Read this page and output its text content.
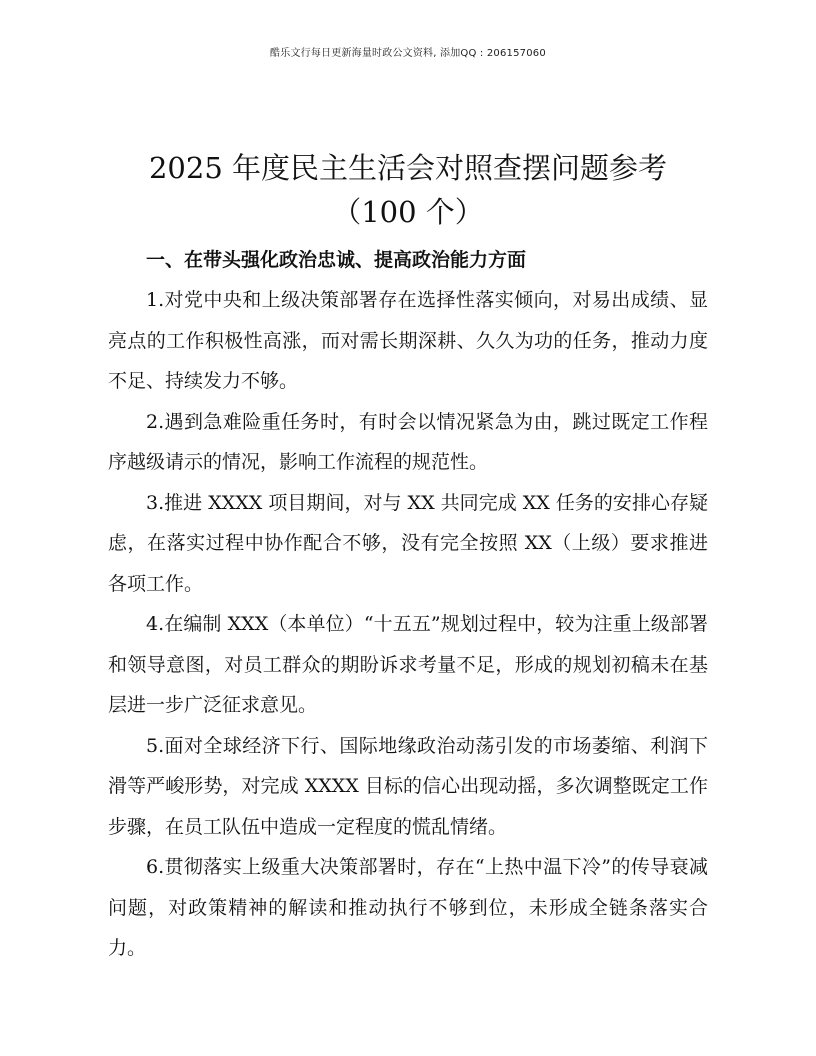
酷乐文行每日更新海量时政公文资料, 添加QQ : 206157060
2025 年度民主生活会对照查摆问题参考（100 个）

一、在带头强化政治忠诚、提高政治能力方面

1.对党中央和上级决策部署存在选择性落实倾向，对易出成绩、显亮点的工作积极性高涨，而对需长期深耕、久久为功的任务，推动力度不足、持续发力不够。

2.遇到急难险重任务时，有时会以情况紧急为由，跳过既定工作程序越级请示的情况，影响工作流程的规范性。

3.推进 XXXX 项目期间，对与 XX 共同完成 XX 任务的安排心存疑虑，在落实过程中协作配合不够，没有完全按照 XX（上级）要求推进各项工作。

4.在编制 XXX（本单位）“十五五”规划过程中，较为注重上级部署和领导意图，对员工群众的期盼诉求考量不足，形成的规划初稿未在基层进一步广泛征求意见。

5.面对全球经济下行、国际地缘政治动荡引发的市场萎缩、利润下滑等严峻形势，对完成 XXXX 目标的信心出现动摇，多次调整既定工作步骤，在员工队伍中造成一定程度的慌乱情绪。

6.贯彻落实上级重大决策部署时，存在“上热中温下冷”的传导衰减问题，对政策精神的解读和推动执行不够到位，未形成全链条落实合力。
